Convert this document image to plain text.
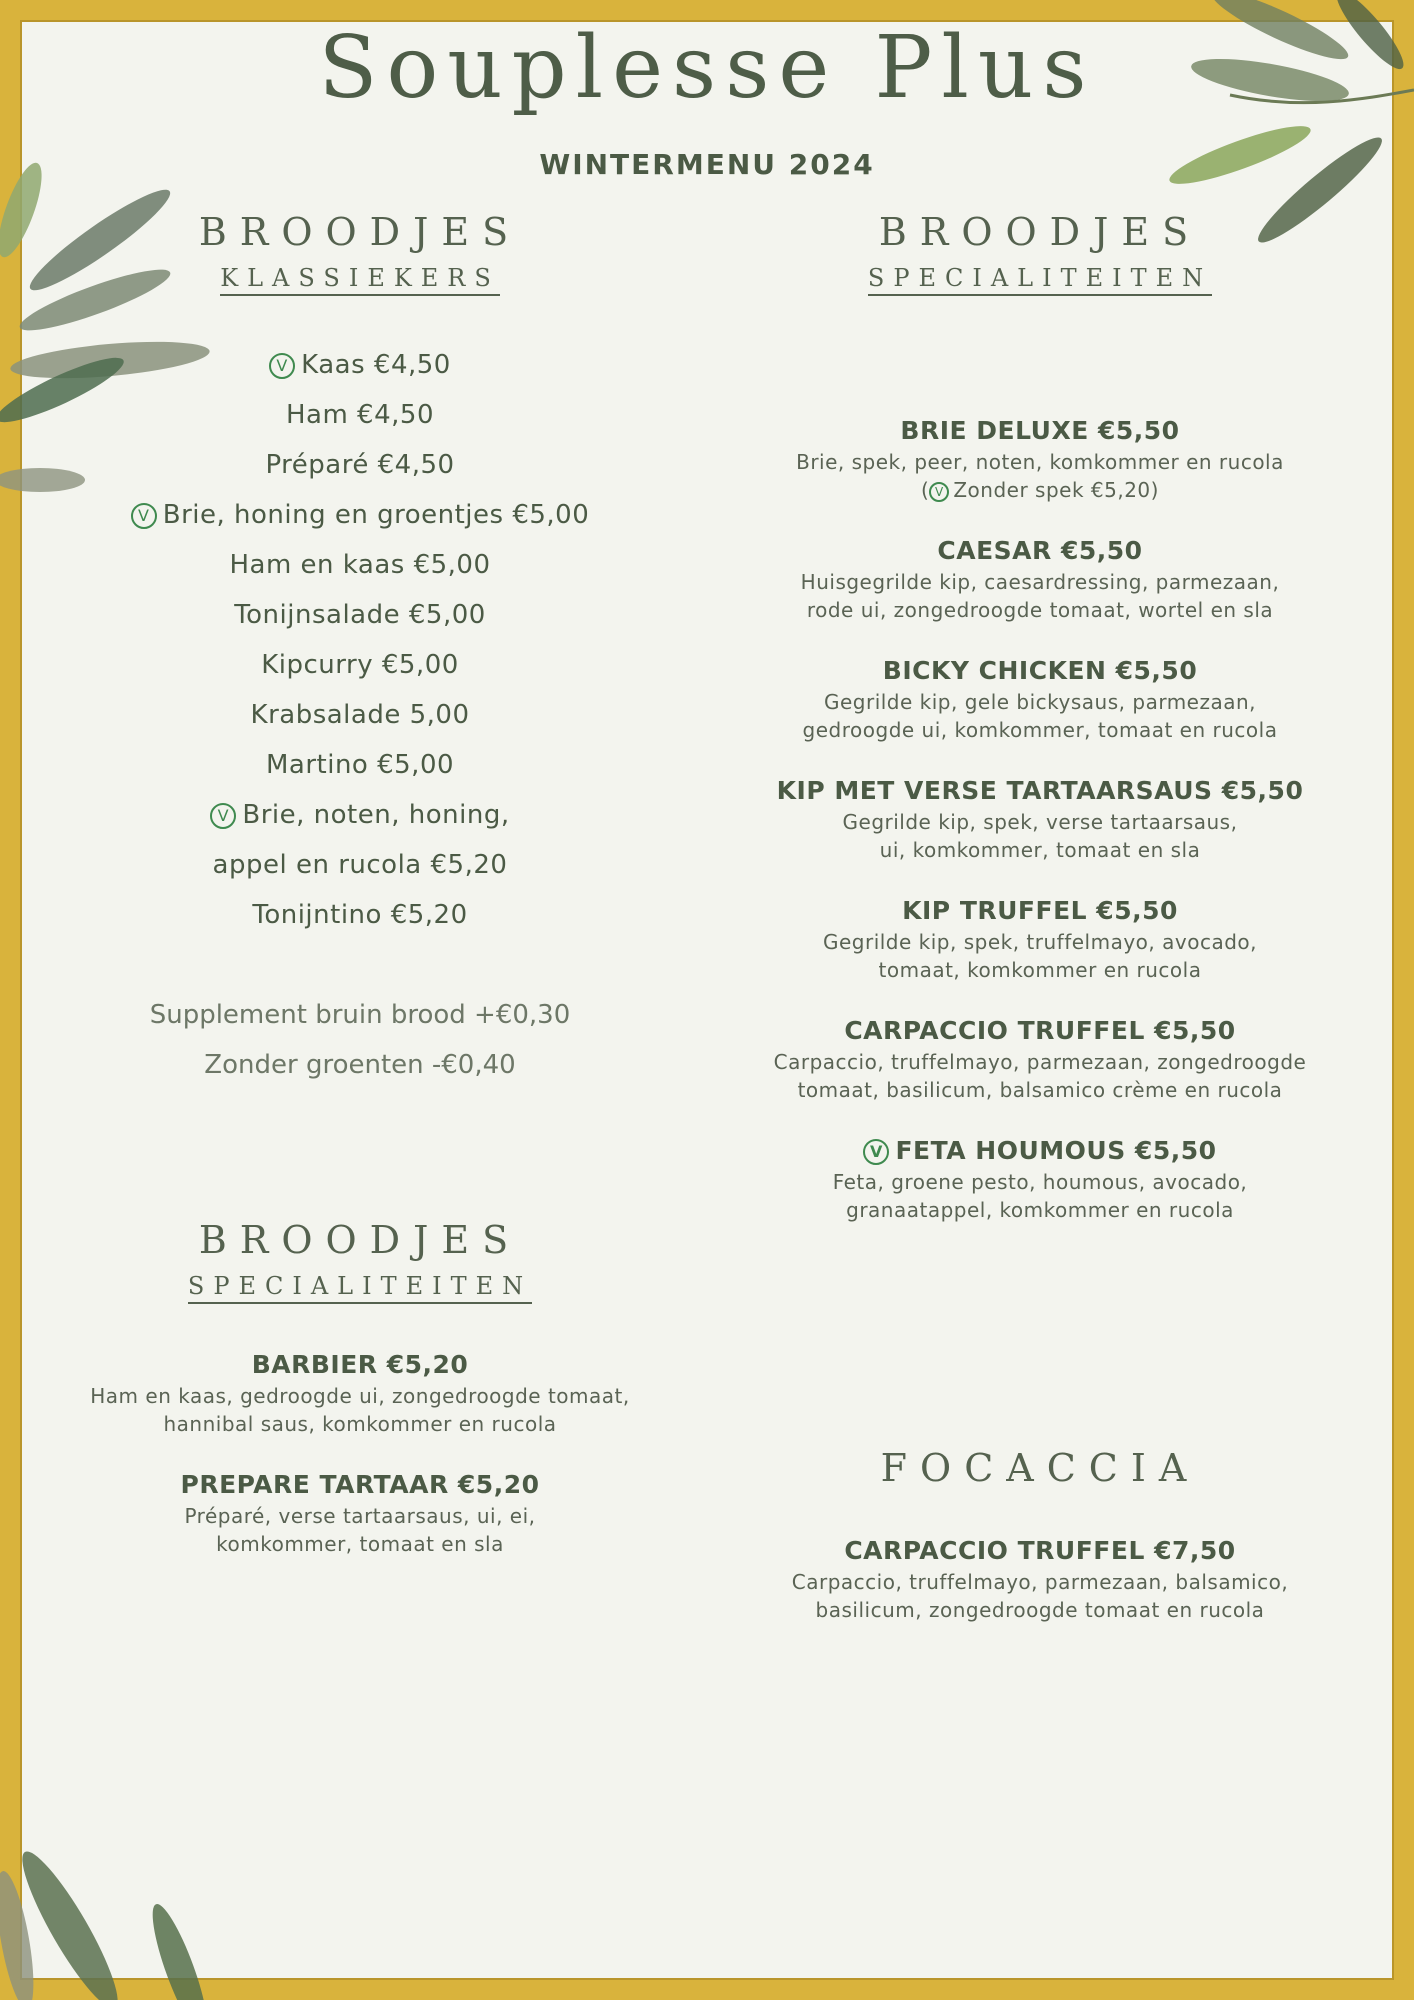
Souplesse Plus
WINTERMENU 2024
BROODJES
KLASSIEKERS
V Kaas €4,50
Ham €4,50
Préparé €4,50
V Brie, honing en groentjes €5,00
Ham en kaas €5,00
Tonijnsalade €5,00
Kipcurry €5,00
Krabsalade 5,00
Martino €5,00
V Brie, noten, honing,
appel en rucola €5,20
Tonijntino €5,20
Supplement bruin brood +€0,30
Zonder groenten -€0,40
BROODJES
SPECIALITEITEN
BARBIER €5,20
Ham en kaas, gedroogde ui, zongedroogde tomaat,
hannibal saus, komkommer en rucola
PREPARE TARTAAR €5,20
Préparé, verse tartaarsaus, ui, ei,
komkommer, tomaat en sla
BROODJES
SPECIALITEITEN
BRIE DELUXE €5,50
Brie, spek, peer, noten, komkommer en rucola
( V Zonder spek €5,20)
CAESAR €5,50
Huisgegrilde kip, caesardressing, parmezaan,
rode ui, zongedroogde tomaat, wortel en sla
BICKY CHICKEN €5,50
Gegrilde kip, gele bickysaus, parmezaan,
gedroogde ui, komkommer, tomaat en rucola
KIP MET VERSE TARTAARSAUS €5,50
Gegrilde kip, spek, verse tartaarsaus,
ui, komkommer, tomaat en sla
KIP TRUFFEL €5,50
Gegrilde kip, spek, truffelmayo, avocado,
tomaat, komkommer en rucola
CARPACCIO TRUFFEL €5,50
Carpaccio, truffelmayo, parmezaan, zongedroogde
tomaat, basilicum, balsamico crème en rucola
V FETA HOUMOUS €5,50
Feta, groene pesto, houmous, avocado,
granaatappel, komkommer en rucola
FOCACCIA
CARPACCIO TRUFFEL €7,50
Carpaccio, truffelmayo, parmezaan, balsamico,
basilicum, zongedroogde tomaat en rucola
